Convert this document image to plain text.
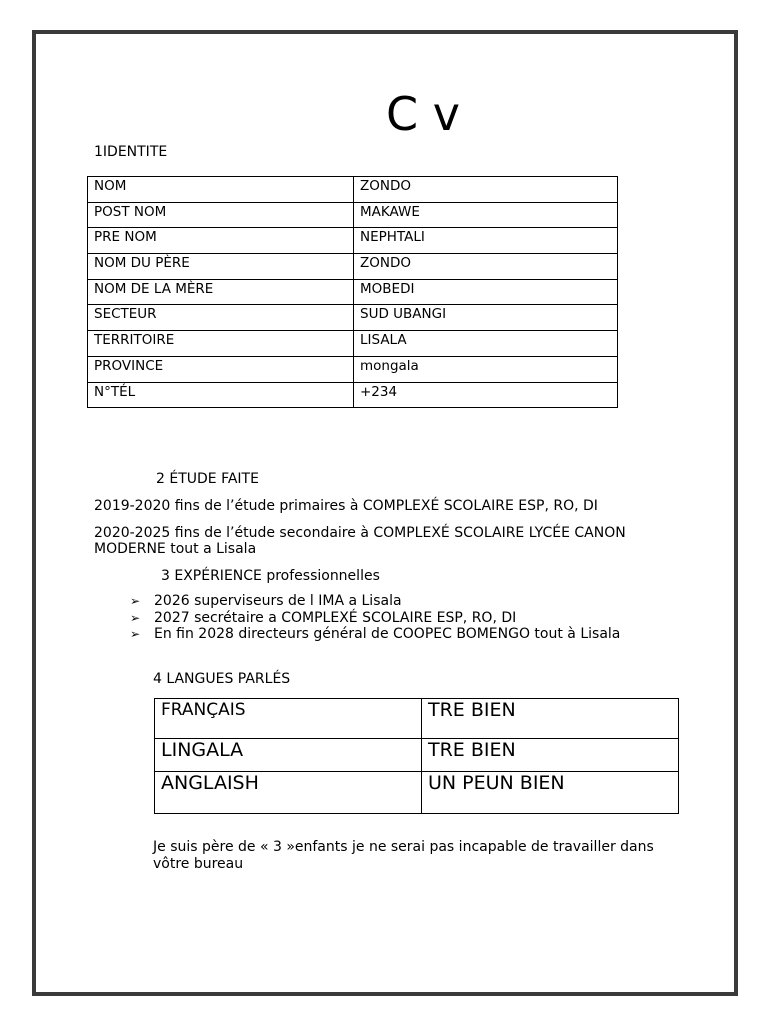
C v
1IDENTITE
NOM	ZONDO
POST NOM	MAKAWE
PRE NOM	NEPHTALI
NOM DU PÈRE	ZONDO
NOM DE LA MÈRE	MOBEDI
SECTEUR	SUD UBANGI
TERRITOIRE	LISALA
PROVINCE	mongala
N°TÉL	+234
2 ÉTUDE FAITE
2019-2020 fins de l’étude primaires à COMPLEXÉ SCOLAIRE ESP, RO, DI
2020-2025 fins de l’étude secondaire à COMPLEXÉ SCOLAIRE LYCÉE CANON
MODERNE tout a Lisala
3 EXPÉRIENCE professionnelles
➢ 2026 superviseurs de l IMA a Lisala
➢ 2027 secrétaire a COMPLEXÉ SCOLAIRE ESP, RO, DI
➢ En fin 2028 directeurs général de COOPEC BOMENGO tout à Lisala
4 LANGUES PARLÉS
FRANÇAIS	TRE BIEN
LINGALA	TRE BIEN
ANGLAISH	UN PEUN BIEN
Je suis père de « 3 »enfants je ne serai pas incapable de travailler dans
vôtre bureau
